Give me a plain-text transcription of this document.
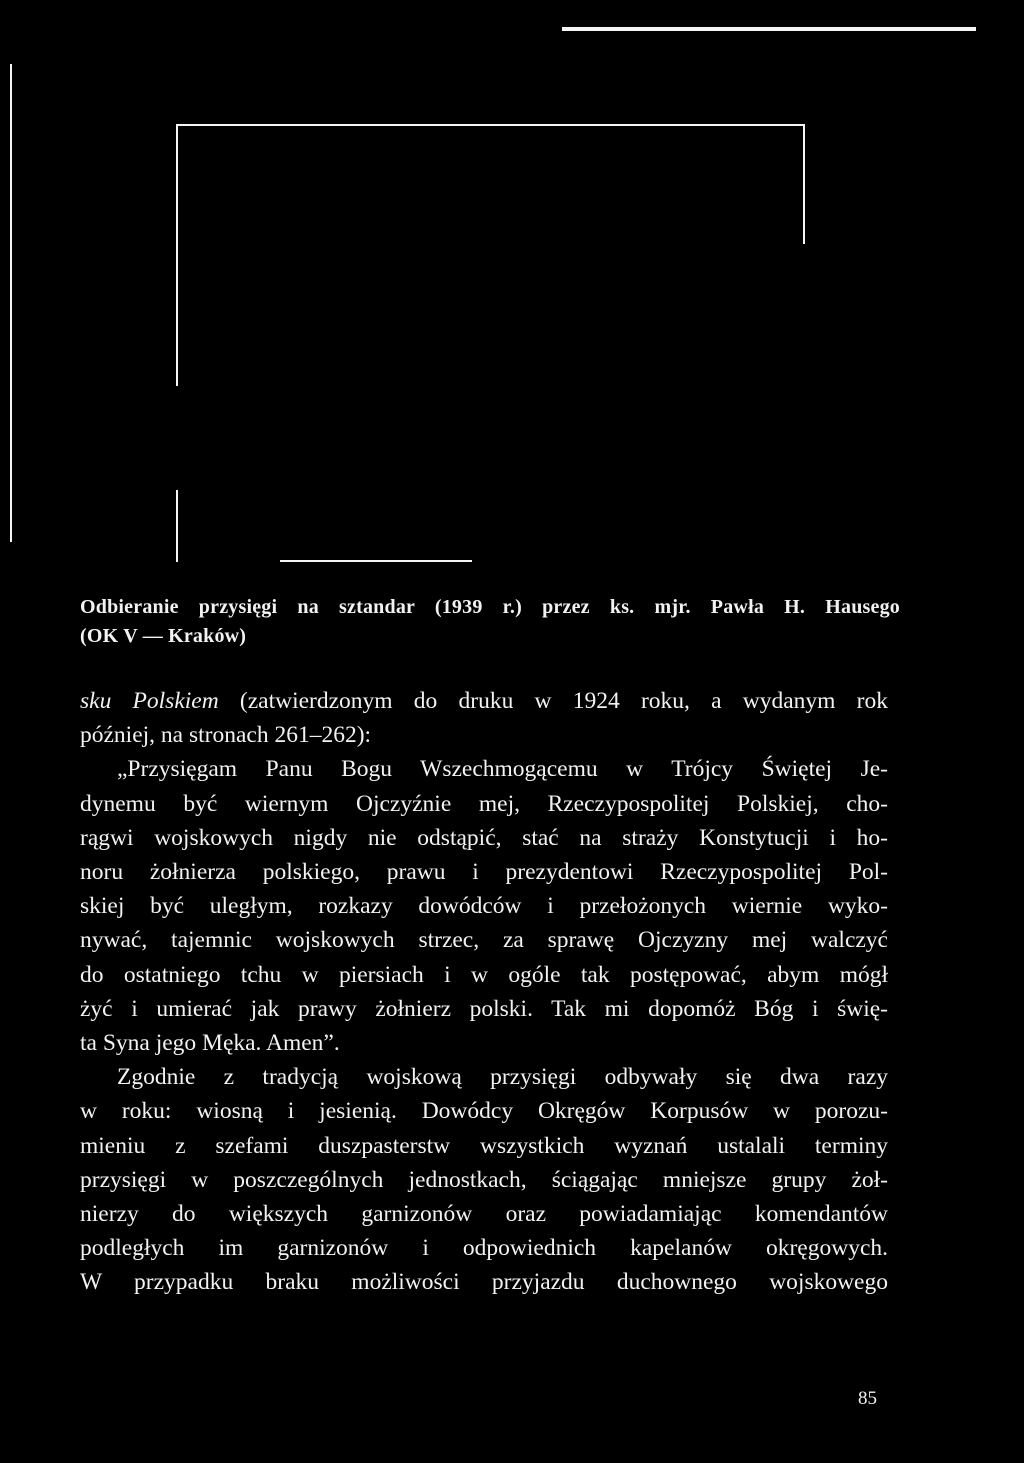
Odbieranie przysięgi na sztandar (1939 r.) przez ks. mjr. Pawła H. Hausego
(OK V — Kraków)
sku Polskiem (zatwierdzonym do druku w 1924 roku, a wydanym rok
później, na stronach 261–262):
„Przysięgam Panu Bogu Wszechmogącemu w Trójcy Świętej Je-
dynemu być wiernym Ojczyźnie mej, Rzeczypospolitej Polskiej, cho-
rągwi wojskowych nigdy nie odstąpić, stać na straży Konstytucji i ho-
noru żołnierza polskiego, prawu i prezydentowi Rzeczypospolitej Pol-
skiej być uległym, rozkazy dowódców i przełożonych wiernie wyko-
nywać, tajemnic wojskowych strzec, za sprawę Ojczyzny mej walczyć
do ostatniego tchu w piersiach i w ogóle tak postępować, abym mógł
żyć i umierać jak prawy żołnierz polski. Tak mi dopomóż Bóg i świę-
ta Syna jego Męka. Amen”.
Zgodnie z tradycją wojskową przysięgi odbywały się dwa razy
w roku: wiosną i jesienią. Dowódcy Okręgów Korpusów w porozu-
mieniu z szefami duszpasterstw wszystkich wyznań ustalali terminy
przysięgi w poszczególnych jednostkach, ściągając mniejsze grupy żoł-
nierzy do większych garnizonów oraz powiadamiając komendantów
podległych im garnizonów i odpowiednich kapelanów okręgowych.
W przypadku braku możliwości przyjazdu duchownego wojskowego
85
